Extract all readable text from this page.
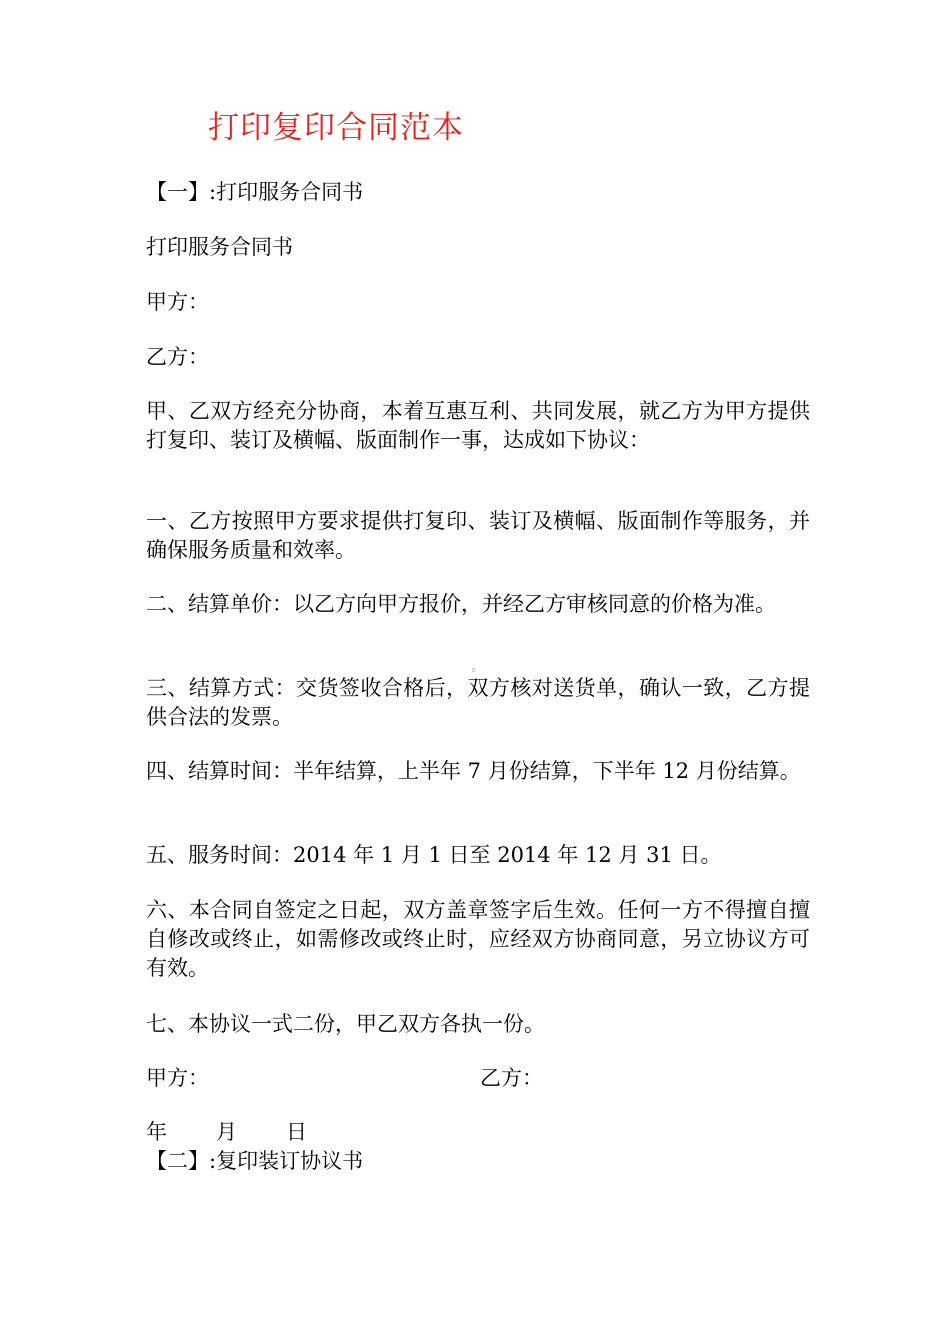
打印复印合同范本
【一】:打印服务合同书
打印服务合同书
甲方：
乙方：
甲、乙双方经充分协商，本着互惠互利、共同发展，就乙方为甲方提供打复印、装订及横幅、版面制作一事，达成如下协议：
一、乙方按照甲方要求提供打复印、装订及横幅、版面制作等服务，并确保服务质量和效率。
二、结算单价：以乙方向甲方报价，并经乙方审核同意的价格为准。
三、结算方式：交货签收合格后，双方核对送货单，确认一致，乙方提供合法的发票。
四、结算时间：半年结算，上半年 7 月份结算，下半年 12 月份结算。
五、服务时间：2014 年 1 月 1 日至 2014 年 12 月 31 日。
六、本合同自签定之日起，双方盖章签字后生效。任何一方不得擅自擅自修改或终止，如需修改或终止时，应经双方协商同意，另立协议方可有效。
七、本协议一式二份，甲乙双方各执一份。
甲方：	乙方：
年 月 日
【二】:复印装订协议书
